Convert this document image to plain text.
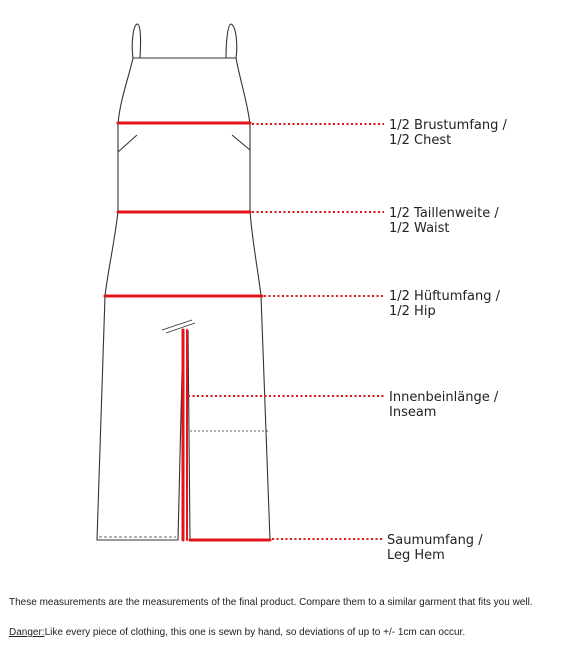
1/2 Brustumfang /
1/2 Chest
1/2 Taillenweite /
1/2 Waist
1/2 Hüftumfang /
1/2 Hip
Innenbeinlänge /
Inseam
Saumumfang /
Leg Hem
These measurements are the measurements of the final product. Compare them to a similar garment that fits you well.
Danger:Like every piece of clothing, this one is sewn by hand, so deviations of up to +/- 1cm can occur.
